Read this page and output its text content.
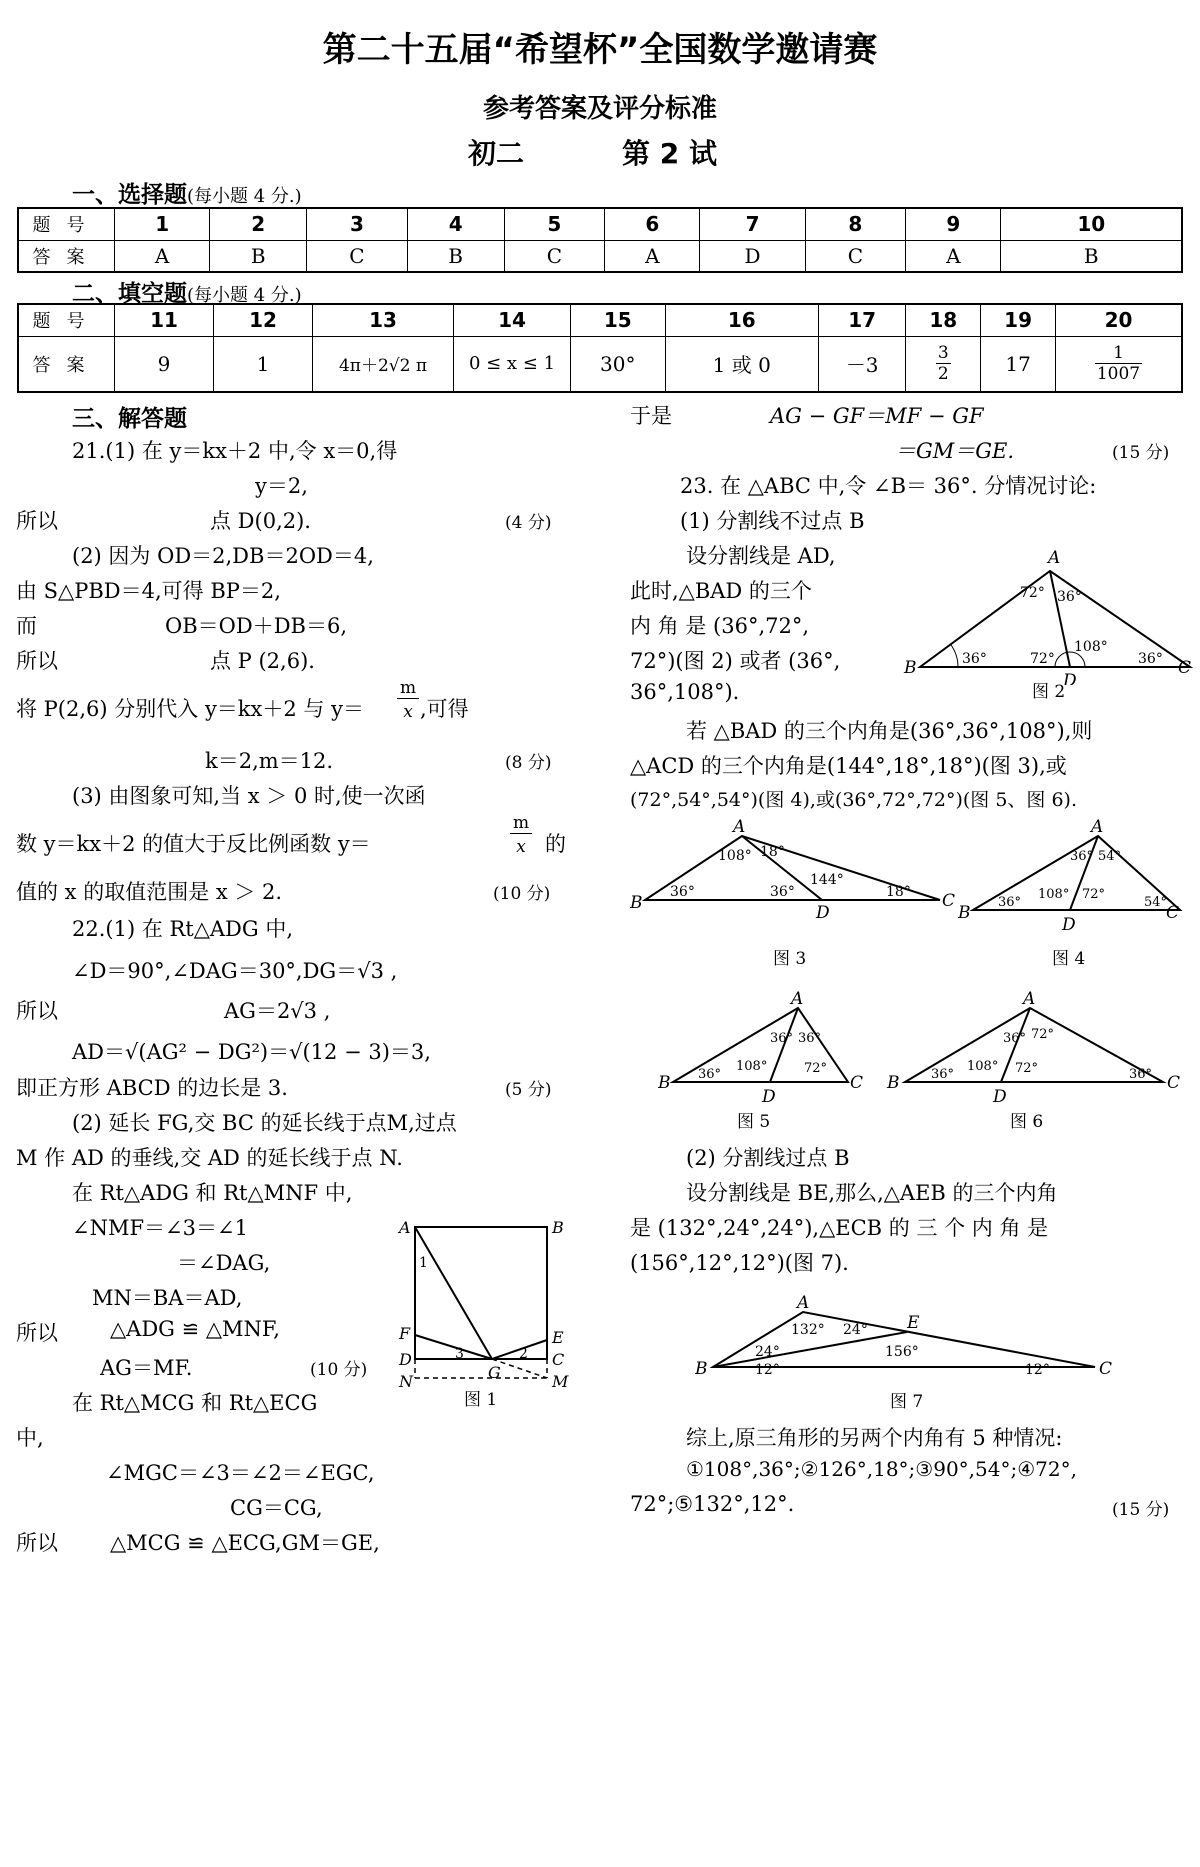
第二十五届“希望杯”全国数学邀请赛
参考答案及评分标准
初二	第 2 试
一、选择题(每小题 4 分.)
题号	1	2	3	4	5	6	7	8	9	10
答案	A	B	C	B	C	A	D	C	A	B
二、填空题(每小题 4 分.)
题号	11	12	13	14	15	16	17	18	19	20
答案	9	1	4π＋2√2 π	0 ≤ x ≤ 1	30°	1 或 0	－3	$\frac{3}{2}$	17	$\frac{1}{1007}$
三、解答题
21.(1) 在 y＝kx＋2 中,令 x＝0,得
y＝2,
所以	点 D(0,2).	(4 分)
(2) 因为 OD＝2,DB＝2OD＝4,
由 S△PBD＝4,可得 BP＝2,
而	OB＝OD＋DB＝6,
所以	点 P (2,6).
将 P(2,6) 分别代入 y＝kx＋2 与 y＝
m
x ,可得
k＝2,m＝12.	(8 分)
(3) 由图象可知,当 x ＞ 0 时,使一次函
数 y＝kx＋2 的值大于反比例函数 y＝
m
x 的
值的 x 的取值范围是 x ＞ 2.	(10 分)
22.(1) 在 Rt△ADG 中,
∠D＝90°,∠DAG＝30°,DG＝√3 ,
所以	AG＝2√3 ,
AD＝√(AG² − DG²)＝√(12 − 3)＝3,
即正方形 ABCD 的边长是 3.	(5 分)
(2) 延长 FG,交 BC 的延长线于点M,过点
M 作 AD 的垂线,交 AD 的延长线于点 N.
在 Rt△ADG 和 Rt△MNF 中,
∠NMF＝∠3＝∠1
＝∠DAG,
MN＝BA＝AD,
所以 △ADG ≌ △MNF,
AG＝MF.	(10 分)
在 Rt△MCG 和 Rt△ECG
中,
∠MGC＝∠3＝∠2＝∠EGC,
CG＝CG,
所以 △MCG ≌ △ECG,GM＝GE,
A	B
C
D
E
F
G	M
N
1
2
3
图 1
于是	AG − GF＝MF − GF
＝GM＝GE.	(15 分)
23. 在 △ABC 中,令 ∠B＝ 36°. 分情况讨论:
(1) 分割线不过点 B
设分割线是 AD,
此时,△BAD 的三个
内 角 是 (36°,72°,
72°)(图 2) 或者 (36°,
36°,108°).
A
B	C
D
72° 36°
36°	72°
108°
36°
图 2
若 △BAD 的三个内角是(36°,36°,108°),则
△ACD 的三个内角是(144°,18°,18°)(图 3),或
(72°,54°,54°)(图 4),或(36°,72°,72°)(图 5、图 6).
A
B	C
D
108° 18°
36°	36°
144°
18°
图 3
A
B	C
D
36° 54°
36°
108° 72°
54°
图 4
A
B	C
D
36° 36°
36°
108°	72°
图 5
A
B	C
D
36° 72°
36°
108° 72°	36°
图 6
(2) 分割线过点 B
设分割线是 BE,那么,△AEB 的三个内角
是 (132°,24°,24°),△ECB 的 三 个 内 角 是
(156°,12°,12°)(图 7).
A
B	C
E
132° 24°
24°
12°
156°
12°
图 7
综上,原三角形的另两个内角有 5 种情况:
①108°,36°;②126°,18°;③90°,54°;④72°,
72°;⑤132°,12°.	(15 分)
